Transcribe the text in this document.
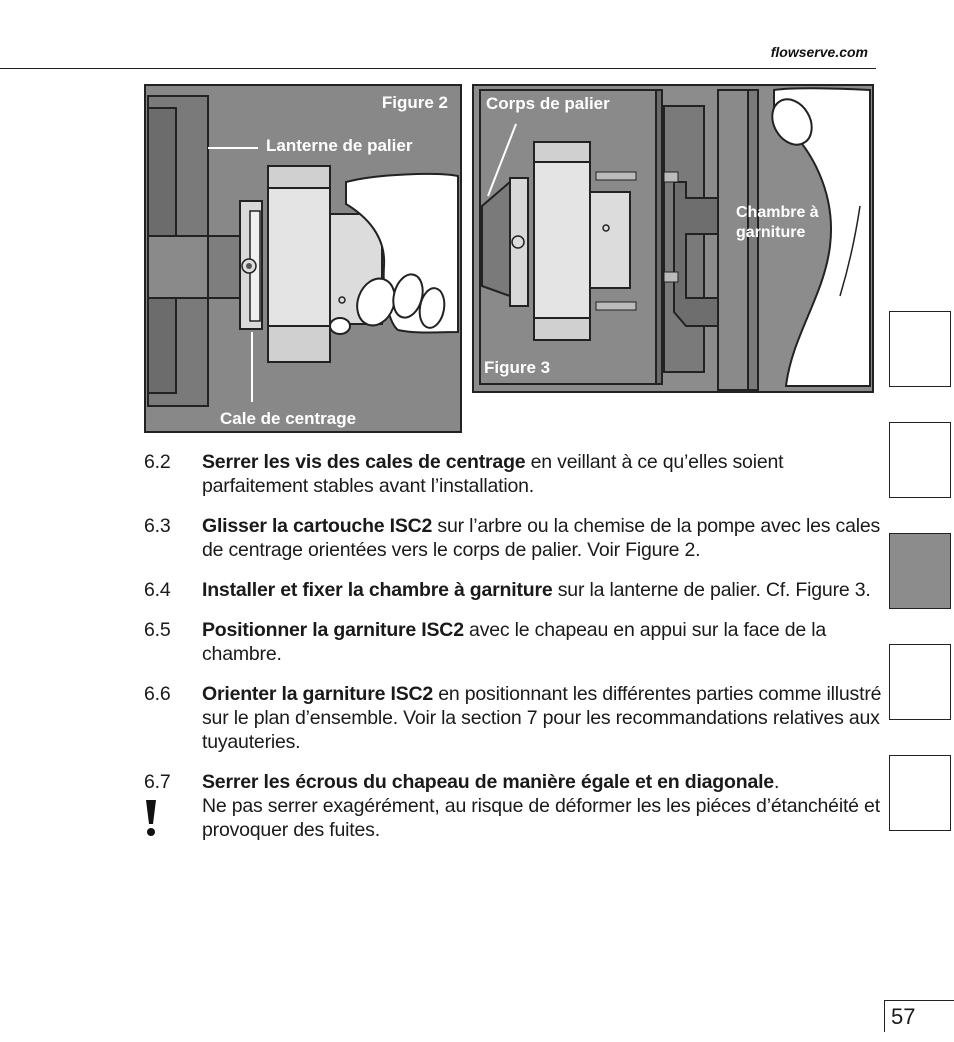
flowserve.com
Figure 2
Lanterne de palier
Cale de centrage
Corps de palier
Chambre à
garniture
Figure 3
6.2 Serrer les vis des cales de centrage en veillant à ce qu’elles soient parfaitement stables avant l’installation.
6.3 Glisser la cartouche ISC2 sur l’arbre ou la chemise de la pompe avec les cales de centrage orientées vers le corps de palier. Voir Figure 2.
6.4 Installer et fixer la chambre à garniture sur la lanterne de palier. Cf. Figure 3.
6.5 Positionner la garniture ISC2 avec le chapeau en appui sur la face de la chambre.
6.6 Orienter la garniture ISC2 en positionnant les différentes parties comme illustré sur le plan d’ensemble. Voir la section 7 pour les recommandations relatives aux tuyauteries.
6.7 Serrer les écrous du chapeau de manière égale et en diagonale.
Ne pas serrer exagérément, au risque de déformer les les piéces d’étanchéité et provoquer des fuites.
57
